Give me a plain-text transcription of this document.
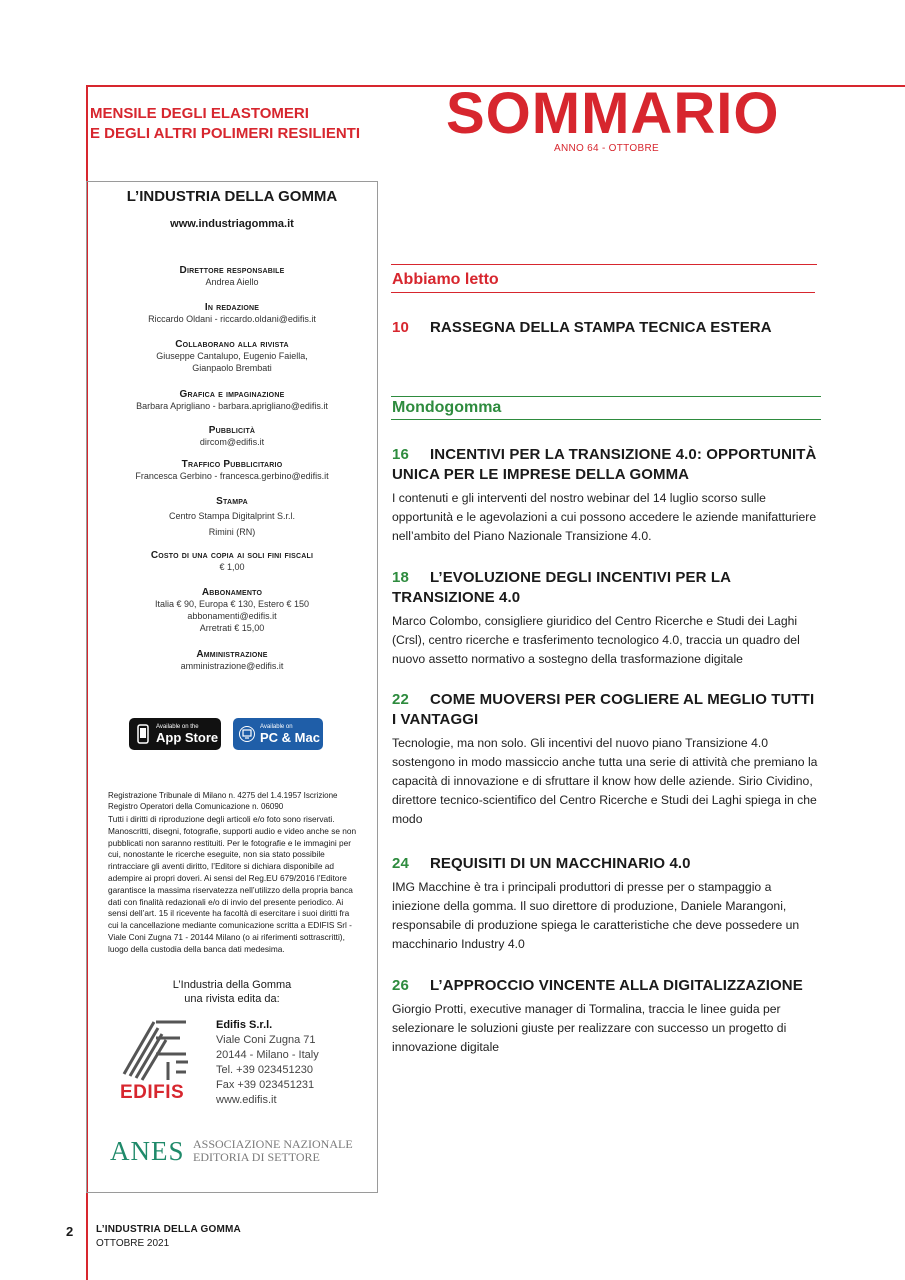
MENSILE DEGLI ELASTOMERI
E DEGLI ALTRI POLIMERI RESILIENTI	SOMMARIO
ANNO 64 - OTTOBRE
L’INDUSTRIA DELLA GOMMA
www.industriagomma.it
Direttore responsabile
Andrea Aiello
In redazione
Riccardo Oldani - riccardo.oldani@edifis.it
Collaborano alla rivista
Giuseppe Cantalupo, Eugenio Faiella,
Gianpaolo Brembati
Grafica e impaginazione
Barbara Aprigliano - barbara.aprigliano@edifis.it
Pubblicità
dircom@edifis.it
Traffico Pubblicitario
Francesca Gerbino - francesca.gerbino@edifis.it
Stampa
Centro Stampa Digitalprint S.r.l.
Rimini (RN)
Costo di una copia ai soli fini fiscali
€ 1,00
Abbonamento
Italia € 90, Europa € 130, Estero € 150
abbonamenti@edifis.it
Arretrati € 15,00
Amministrazione
amministrazione@edifis.it
Available on the
App Store
Available on
PC & Mac
Registrazione Tribunale di Milano n. 4275 del 1.4.1957 Iscrizione Registro Operatori della Comunicazione n. 06090
Tutti i diritti di riproduzione degli articoli e/o foto sono riservati. Manoscritti, disegni, fotografie, supporti audio e video anche se non pubblicati non saranno restituiti. Per le fotografie e le immagini per cui, nonostante le ricerche eseguite, non sia stato possibile rintracciare gli aventi diritto, l’Editore si dichiara disponibile ad adempire ai propri doveri. Ai sensi del Reg.EU 679/2016 l’Editore garantisce la massima riservatezza nell’utilizzo della propria banca dati con finalità redazionali e/o di invio del presente periodico. Ai sensi dell’art. 15 il ricevente ha facoltà di esercitare i suoi diritti fra cui la cancellazione mediante comunicazione scritta a EDIFIS Srl - Viale Coni Zugna 71 - 20144 Milano (o ai riferimenti sottrascritti), luogo della custodia della banca dati medesima.
L’Industria della Gomma
una rivista edita da:
EDIFIS
Edifis S.r.l.
Viale Coni Zugna 71
20144 - Milano - Italy
Tel. +39 023451230
Fax +39 023451231
www.edifis.it
ANES ASSOCIAZIONE NAZIONALE
EDITORIA DI SETTORE
Abbiamo letto
10 RASSEGNA DELLA STAMPA TECNICA ESTERA
Mondogomma
16 INCENTIVI PER LA TRANSIZIONE 4.0: OPPORTUNITÀ UNICA PER LE IMPRESE DELLA GOMMA
I contenuti e gli interventi del nostro webinar del 14 luglio scorso sulle opportunità e le agevolazioni a cui possono accedere le aziende manifatturiere nell’ambito del Piano Nazionale Transizione 4.0.
18 L’EVOLUZIONE DEGLI INCENTIVI PER LA TRANSIZIONE 4.0
Marco Colombo, consigliere giuridico del Centro Ricerche e Studi dei Laghi (Crsl), centro ricerche e trasferimento tecnologico 4.0, traccia un quadro del nuovo assetto normativo a sostegno della trasformazione digitale
22 COME MUOVERSI PER COGLIERE AL MEGLIO TUTTI I VANTAGGI
Tecnologie, ma non solo. Gli incentivi del nuovo piano Transizione 4.0 sostengono in modo massiccio anche tutta una serie di attività che premiano la capacità di innovazione e di sfruttare il know how delle aziende. Sirio Cividino, direttore tecnico-scientifico del Centro Ricerche e Studi dei Laghi spiega in che modo
24 REQUISITI DI UN MACCHINARIO 4.0
IMG Macchine è tra i principali produttori di presse per o stampaggio a iniezione della gomma. Il suo direttore di produzione, Daniele Marangoni, responsabile di produzione spiega le caratteristiche che deve possedere un macchinario Industry 4.0
26 L’APPROCCIO VINCENTE ALLA DIGITALIZZAZIONE
Giorgio Protti, executive manager di Tormalina, traccia le linee guida per selezionare le soluzioni giuste per realizzare con successo un progetto di innovazione digitale
2 L’INDUSTRIA DELLA GOMMA
OTTOBRE 2021
